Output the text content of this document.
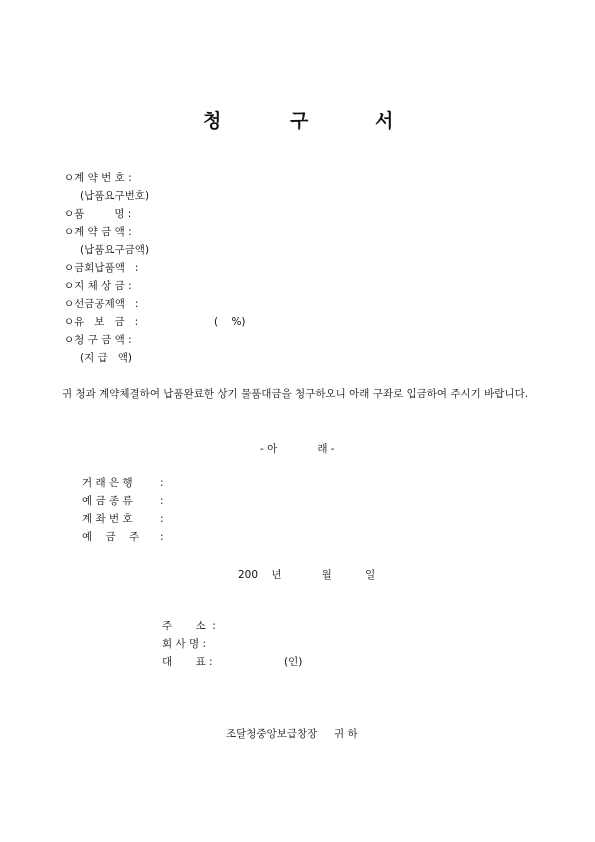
청	구	서
ㅇ계 약 번 호 :
(납품요구번호)
ㅇ품         명 :
ㅇ계 약 금 액 :
(납품요구금액)
ㅇ금회납품액   :
ㅇ지 체 상 금 :
ㅇ선금공제액   :
ㅇ유   보   금   :	(    %)
ㅇ청 구 금 액 :
(지 급   액)
귀 청과 계약체결하여 납품완료한 상기 물품대금을 청구하오니 아래 구좌로 입금하여 주시기 바랍니다.
- 아            래 -
거 래 은 행	:
예 금 종 류	:
계 좌 번 호	:
예    금    주 :
200    년            월          일
주       소  :
회 사 명 :
대       표 :	(인)
조달청중앙보급창장     귀 하
